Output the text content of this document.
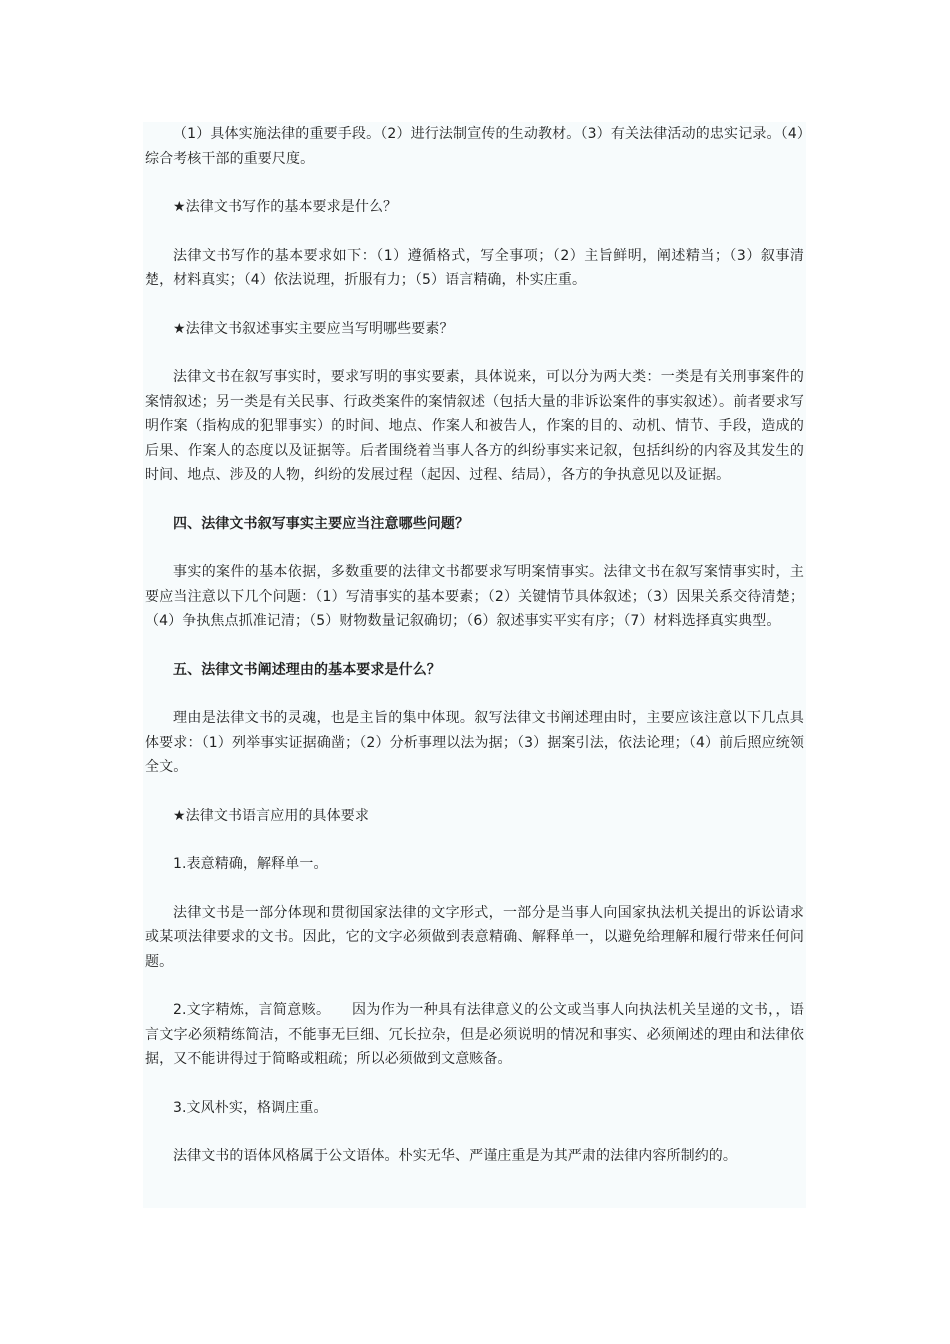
（1）具体实施法律的重要手段。（2）进行法制宣传的生动教材。（3）有关法律活动的忠实记录。（4）综合考核干部的重要尺度。

★法律文书写作的基本要求是什么？

法律文书写作的基本要求如下：（1）遵循格式，写全事项；（2）主旨鲜明，阐述精当；（3）叙事清楚，材料真实；（4）依法说理，折服有力；（5）语言精确，朴实庄重。

★法律文书叙述事实主要应当写明哪些要素？

法律文书在叙写事实时，要求写明的事实要素，具体说来，可以分为两大类：一类是有关刑事案件的案情叙述；另一类是有关民事、行政类案件的案情叙述（包括大量的非诉讼案件的事实叙述）。前者要求写明作案（指构成的犯罪事实）的时间、地点、作案人和被告人，作案的目的、动机、情节、手段，造成的后果、作案人的态度以及证据等。后者围绕着当事人各方的纠纷事实来记叙，包括纠纷的内容及其发生的时间、地点、涉及的人物，纠纷的发展过程（起因、过程、结局），各方的争执意见以及证据。

四、法律文书叙写事实主要应当注意哪些问题？

事实的案件的基本依据，多数重要的法律文书都要求写明案情事实。法律文书在叙写案情事实时，主要应当注意以下几个问题：（1）写清事实的基本要素；（2）关键情节具体叙述；（3）因果关系交待清楚；（4）争执焦点抓准记清；（5）财物数量记叙确切；（6）叙述事实平实有序；（7）材料选择真实典型。

五、法律文书阐述理由的基本要求是什么？

理由是法律文书的灵魂，也是主旨的集中体现。叙写法律文书阐述理由时，主要应该注意以下几点具体要求：（1）列举事实证据确凿；（2）分析事理以法为据；（3）据案引法，依法论理；（4）前后照应统领全文。

★法律文书语言应用的具体要求

1.表意精确，解释单一。

法律文书是一部分体现和贯彻国家法律的文字形式，一部分是当事人向国家执法机关提出的诉讼请求或某项法律要求的文书。因此，它的文字必须做到表意精确、解释单一，以避免给理解和履行带来任何问题。

2.文字精炼，言简意赅。　　因为作为一种具有法律意义的公文或当事人向执法机关呈递的文书，，语言文字必须精练简洁，不能事无巨细、冗长拉杂，但是必须说明的情况和事实、必须阐述的理由和法律依据，又不能讲得过于简略或粗疏；所以必须做到文意赅备。

3.文风朴实，格调庄重。

法律文书的语体风格属于公文语体。朴实无华、严谨庄重是为其严肃的法律内容所制约的。
